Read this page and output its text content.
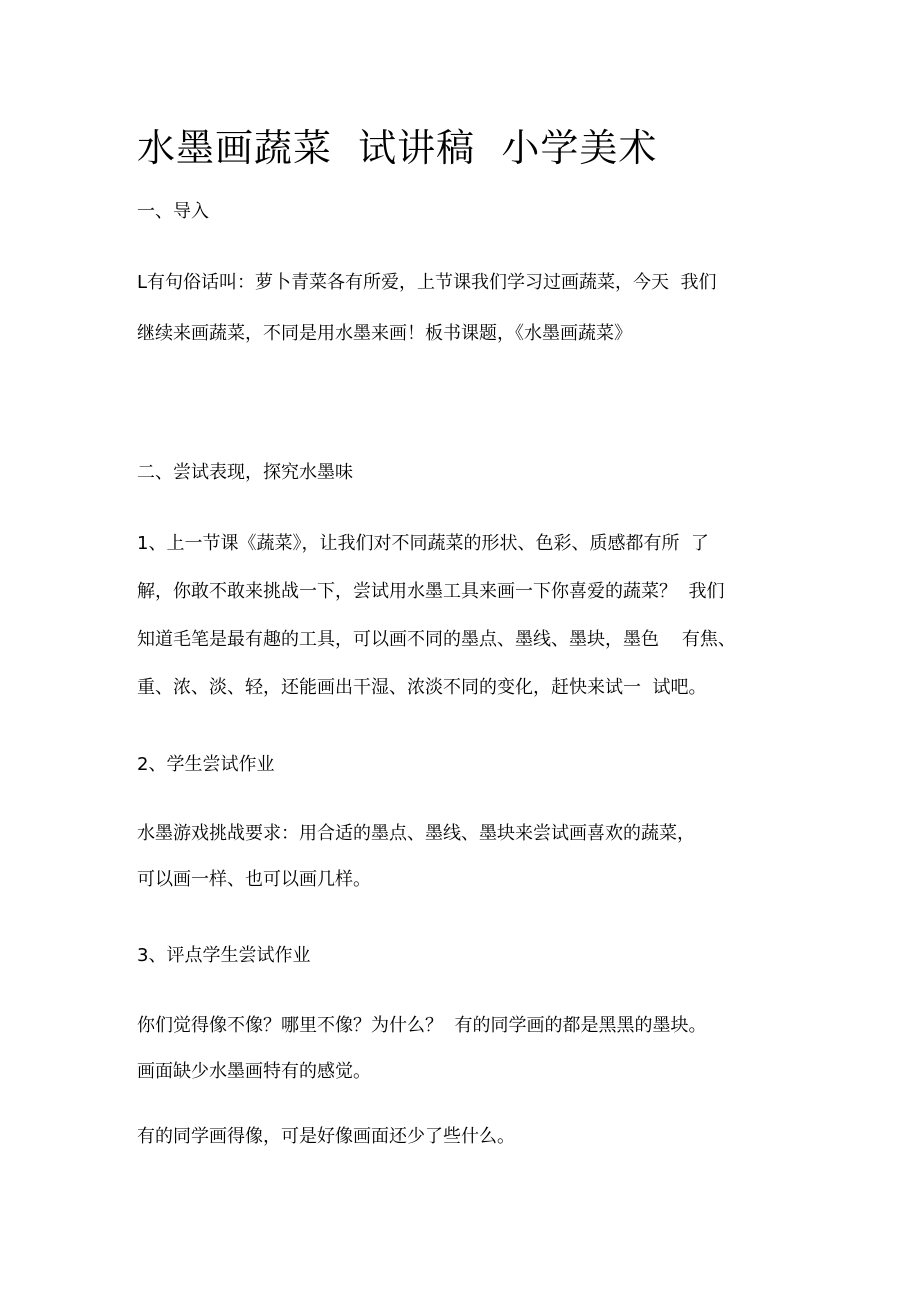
水墨画蔬菜  试讲稿  小学美术

一、导入

L有句俗话叫：萝卜青菜各有所爱，上节课我们学习过画蔬菜，今天  我们

继续来画蔬菜，不同是用水墨来画！板书课题，《水墨画蔬菜》

二、尝试表现，探究水墨味

1、上一节课《蔬菜》，让我们对不同蔬菜的形状、色彩、质感都有所  了

解，你敢不敢来挑战一下，尝试用水墨工具来画一下你喜爱的蔬菜？  我们

知道毛笔是最有趣的工具，可以画不同的墨点、墨线、墨块，墨色    有焦、

重、浓、淡、轻，还能画出干湿、浓淡不同的变化，赶快来试一  试吧。

2、学生尝试作业

水墨游戏挑战要求：用合适的墨点、墨线、墨块来尝试画喜欢的蔬菜，

可以画一样、也可以画几样。

3、评点学生尝试作业

你们觉得像不像？哪里不像？为什么？  有的同学画的都是黑黑的墨块。

画面缺少水墨画特有的感觉。

有的同学画得像，可是好像画面还少了些什么。
